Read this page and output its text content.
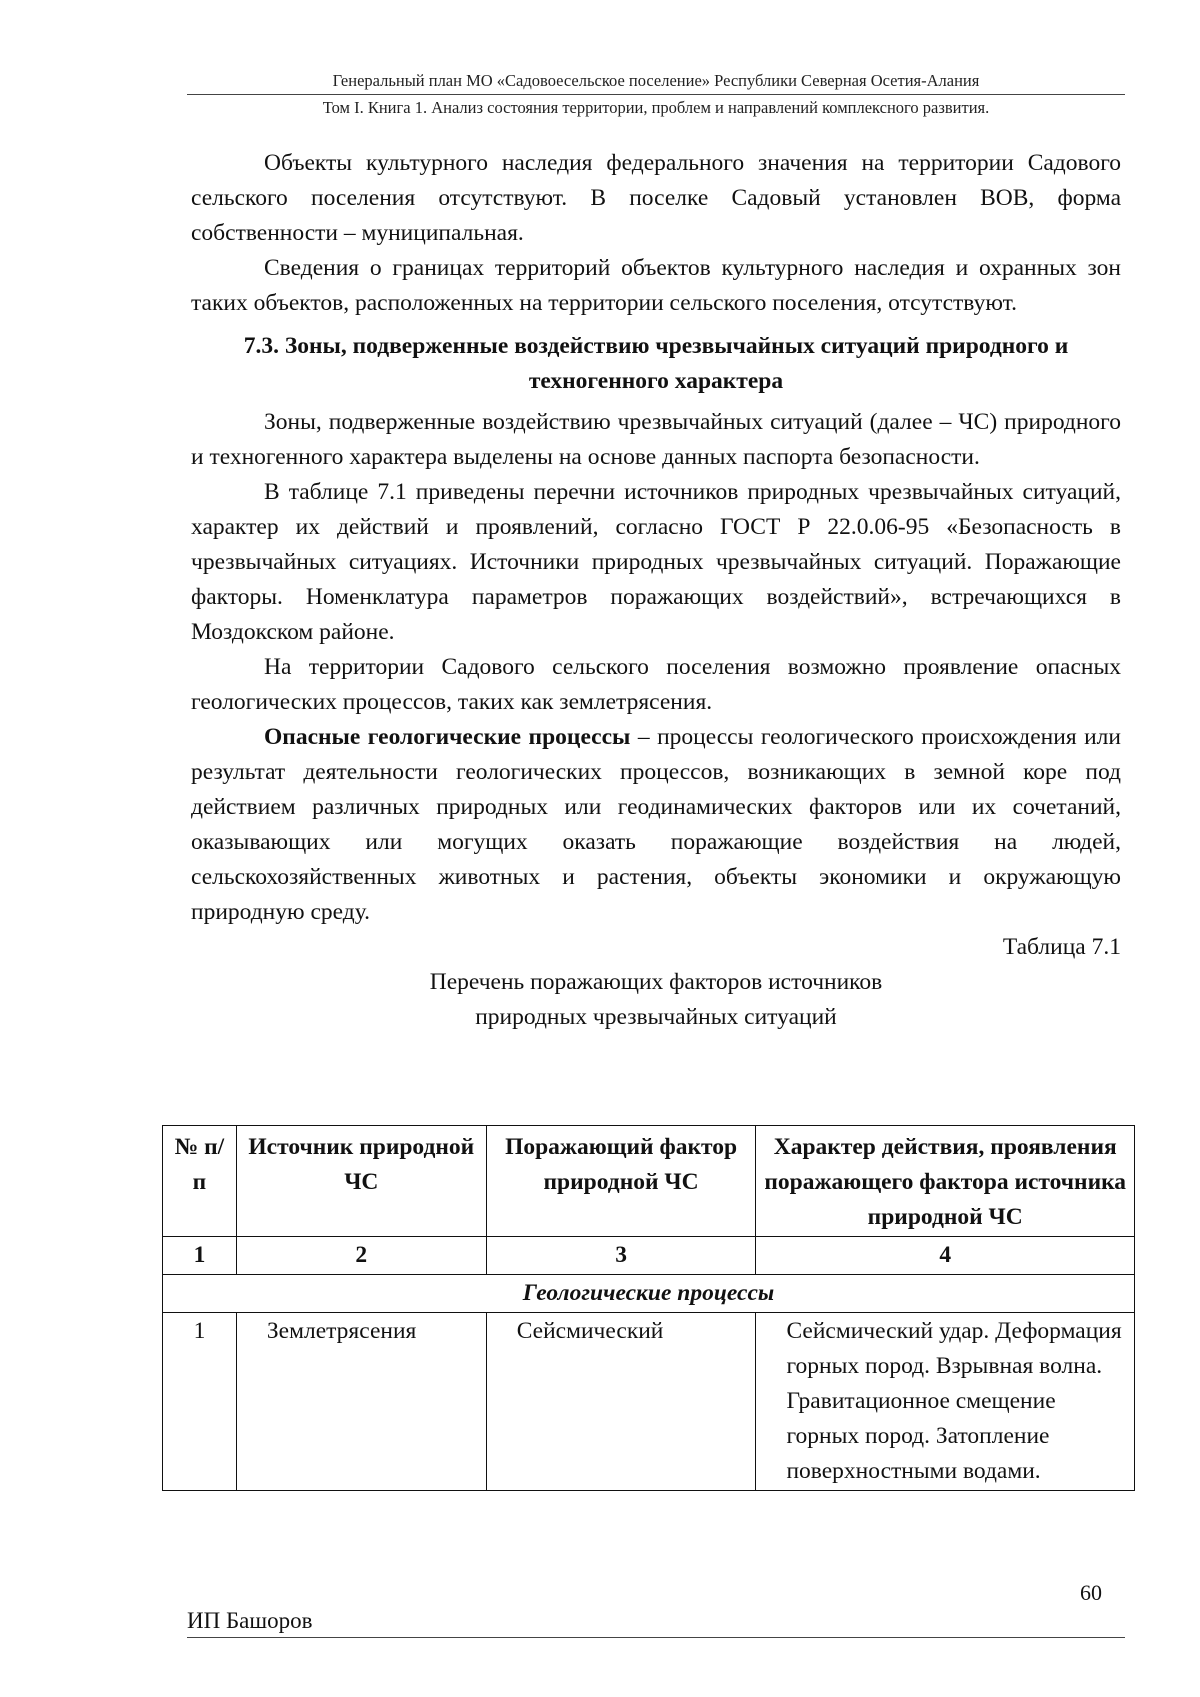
Генеральный план МО «Садовоесельское поселение» Республики Северная Осетия-Алания
Том I. Книга 1. Анализ состояния территории, проблем и направлений комплексного развития.

Объекты культурного наследия федерального значения на территории Садового сельского поселения отсутствуют. В поселке Садовый установлен ВОВ, форма собственности – муниципальная.

Сведения о границах территорий объектов культурного наследия и охранных зон таких объектов, расположенных на территории сельского поселения, отсутствуют.

7.3. Зоны, подверженные воздействию чрезвычайных ситуаций природного и техногенного характера

Зоны, подверженные воздействию чрезвычайных ситуаций (далее – ЧС) природного и техногенного характера выделены на основе данных паспорта безопасности.

В таблице 7.1 приведены перечни источников природных чрезвычайных ситуаций, характер их действий и проявлений, согласно ГОСТ Р 22.0.06-95 «Безопасность в чрезвычайных ситуациях. Источники природных чрезвычайных ситуаций. Поражающие факторы. Номенклатура параметров поражающих воздействий», встречающихся в Моздокском районе.

На территории Садового сельского поселения возможно проявление опасных геологических процессов, таких как землетрясения.

Опасные геологические процессы – процессы геологического происхождения или результат деятельности геологических процессов, возникающих в земной коре под действием различных природных или геодинамических факторов или их сочетаний, оказывающих или могущих оказать поражающие воздействия на людей, сельскохозяйственных животных и растения, объекты экономики и окружающую природную среду.

Таблица 7.1

Перечень поражающих факторов источников
природных чрезвычайных ситуаций

№ п/п	Источник природной ЧС	Поражающий фактор природной ЧС	Характер действия, проявления поражающего фактора источника природной ЧС
1	2	3	4
Геологические процессы			
1	Землетрясения	Сейсмический	Сейсмический удар. Деформация горных пород. Взрывная волна. Гравитационное смещение горных пород. Затопление поверхностными водами.
60
ИП Башоров
